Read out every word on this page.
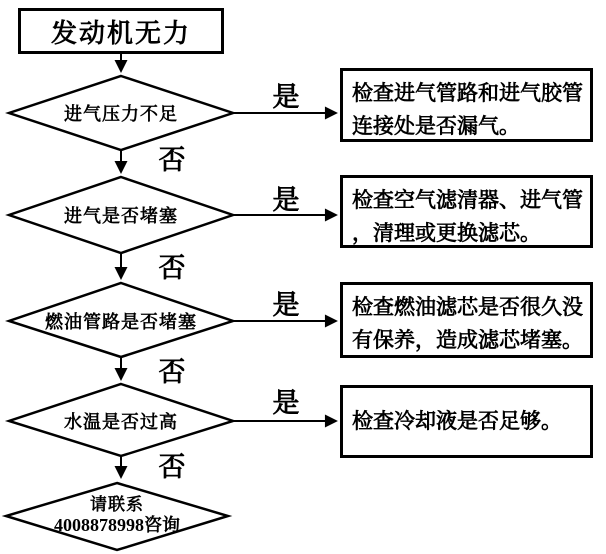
发动机无力
进气压力不足
进气是否堵塞
燃油管路是否堵塞
水温是否过高
是
是
是
是
否
否
否
否
检查进气管路和进气胶管
连接处是否漏气。
检查空气滤清器、进气管
，清理或更换滤芯。
检查燃油滤芯是否很久没
有保养，造成滤芯堵塞。
检查冷却液是否足够。
请联系
4008878998咨询
